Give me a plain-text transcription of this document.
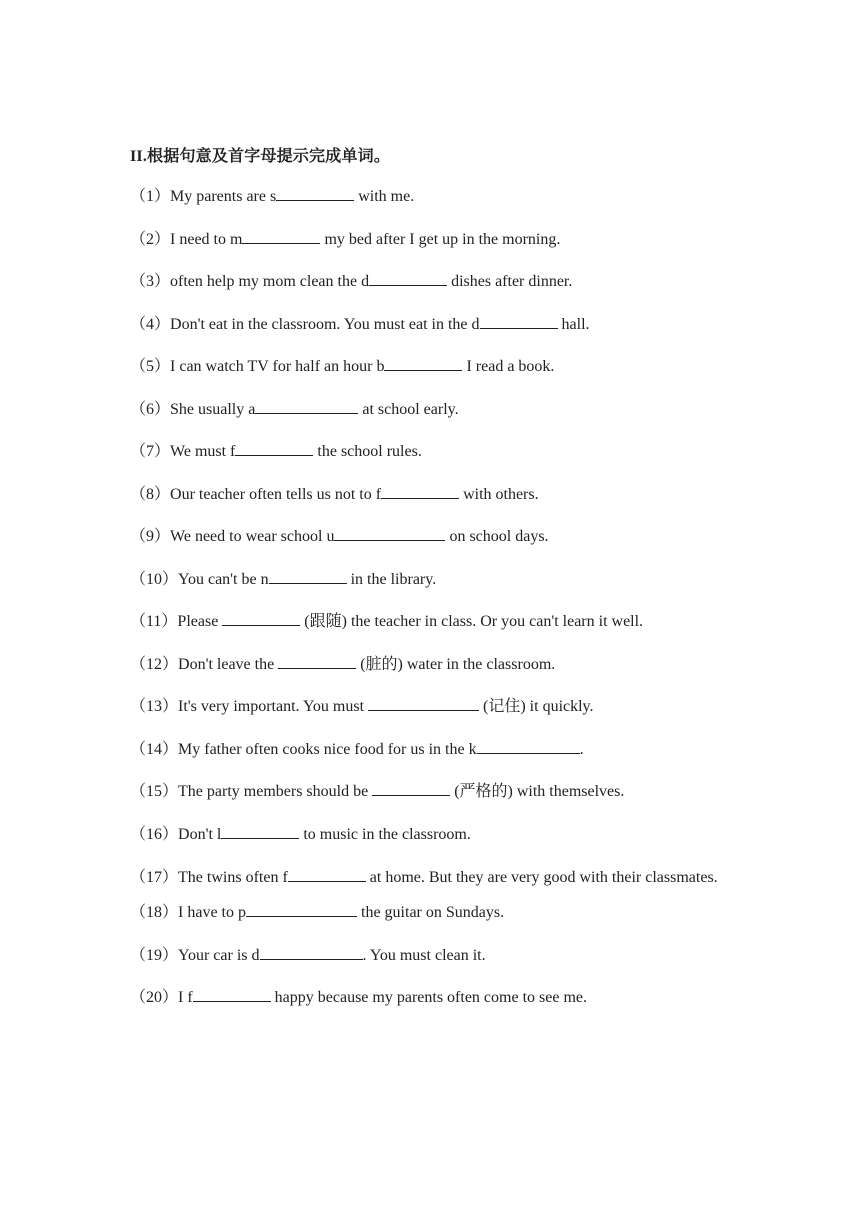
II.根据句意及首字母提示完成单词。
（1）My parents are s	with me.
（2）I need to m	my bed after I get up in the morning.
（3）often help my mom clean the d	dishes after dinner.
（4）Don't eat in the classroom. You must eat in the d	hall.
（5）I can watch TV for half an hour b	I read a book.
（6）She usually a	at school early.
（7）We must f	the school rules.
（8）Our teacher often tells us not to f	with others.
（9）We need to wear school u	on school days.
（10）You can't be n	in the library.
（11）Please	(跟随) the teacher in class. Or you can't learn it well.
（12）Don't leave the	(脏的) water in the classroom.
（13）It's very important. You must	(记住) it quickly.
（14）My father often cooks nice food for us in the k	.
（15）The party members should be	(严格的) with themselves.
（16）Don't l	to music in the classroom.
（17）The twins often f	at home. But they are very good with their classmates.
（18）I have to p	the guitar on Sundays.
（19）Your car is d	. You must clean it.
（20）I f	happy because my parents often come to see me.
